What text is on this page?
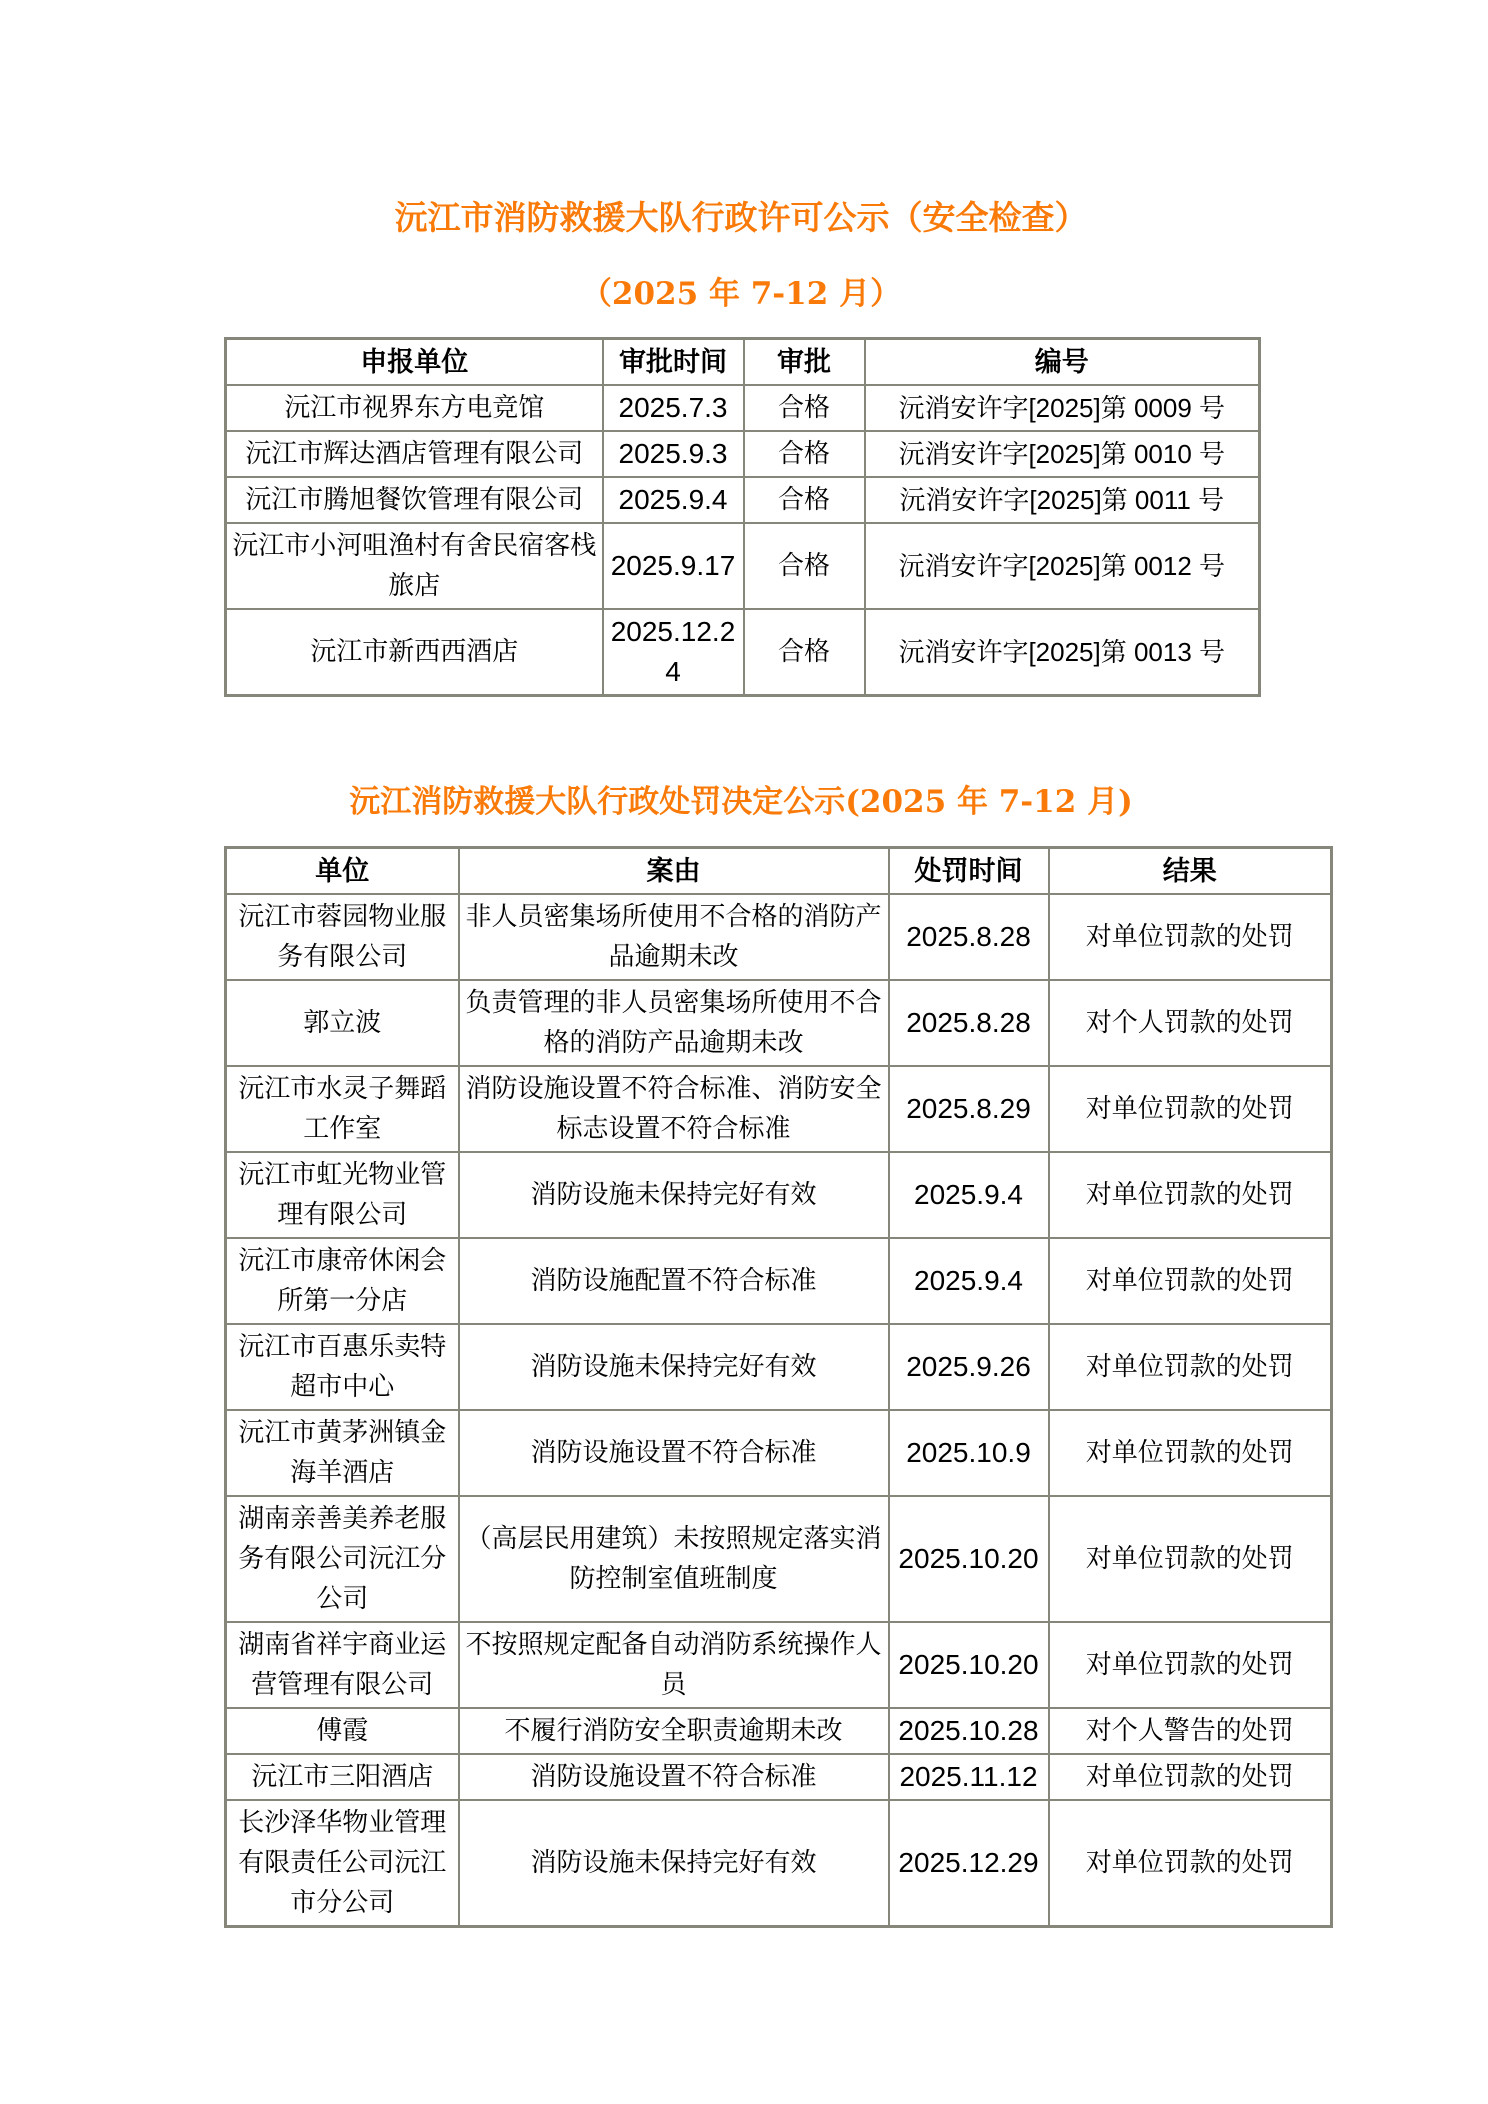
沅江市消防救援大队行政许可公示（安全检查）
（2025 年 7-12 月）
申报单位	审批时间	审批	编号
沅江市视界东方电竞馆	2025.7.3	合格	沅消安许字[2025]第 0009 号
沅江市辉达酒店管理有限公司	2025.9.3	合格	沅消安许字[2025]第 0010 号
沅江市腾旭餐饮管理有限公司	2025.9.4	合格	沅消安许字[2025]第 0011 号
沅江市小河咀渔村有舍民宿客栈旅店	2025.9.17	合格	沅消安许字[2025]第 0012 号
沅江市新西西酒店	2025.12.24	合格	沅消安许字[2025]第 0013 号
沅江消防救援大队行政处罚决定公示(2025 年 7-12 月)
单位	案由	处罚时间	结果
沅江市蓉园物业服务有限公司	非人员密集场所使用不合格的消防产品逾期未改	2025.8.28	对单位罚款的处罚
郭立波	负责管理的非人员密集场所使用不合格的消防产品逾期未改	2025.8.28	对个人罚款的处罚
沅江市水灵子舞蹈工作室	消防设施设置不符合标准、消防安全标志设置不符合标准	2025.8.29	对单位罚款的处罚
沅江市虹光物业管理有限公司	消防设施未保持完好有效	2025.9.4	对单位罚款的处罚
沅江市康帝休闲会所第一分店	消防设施配置不符合标准	2025.9.4	对单位罚款的处罚
沅江市百惠乐卖特超市中心	消防设施未保持完好有效	2025.9.26	对单位罚款的处罚
沅江市黄茅洲镇金海羊酒店	消防设施设置不符合标准	2025.10.9	对单位罚款的处罚
湖南亲善美养老服务有限公司沅江分公司	（高层民用建筑）未按照规定落实消防控制室值班制度	2025.10.20	对单位罚款的处罚
湖南省祥宇商业运营管理有限公司	不按照规定配备自动消防系统操作人员	2025.10.20	对单位罚款的处罚
傅霞	不履行消防安全职责逾期未改	2025.10.28	对个人警告的处罚
沅江市三阳酒店	消防设施设置不符合标准	2025.11.12	对单位罚款的处罚
长沙泽华物业管理有限责任公司沅江市分公司	消防设施未保持完好有效	2025.12.29	对单位罚款的处罚
